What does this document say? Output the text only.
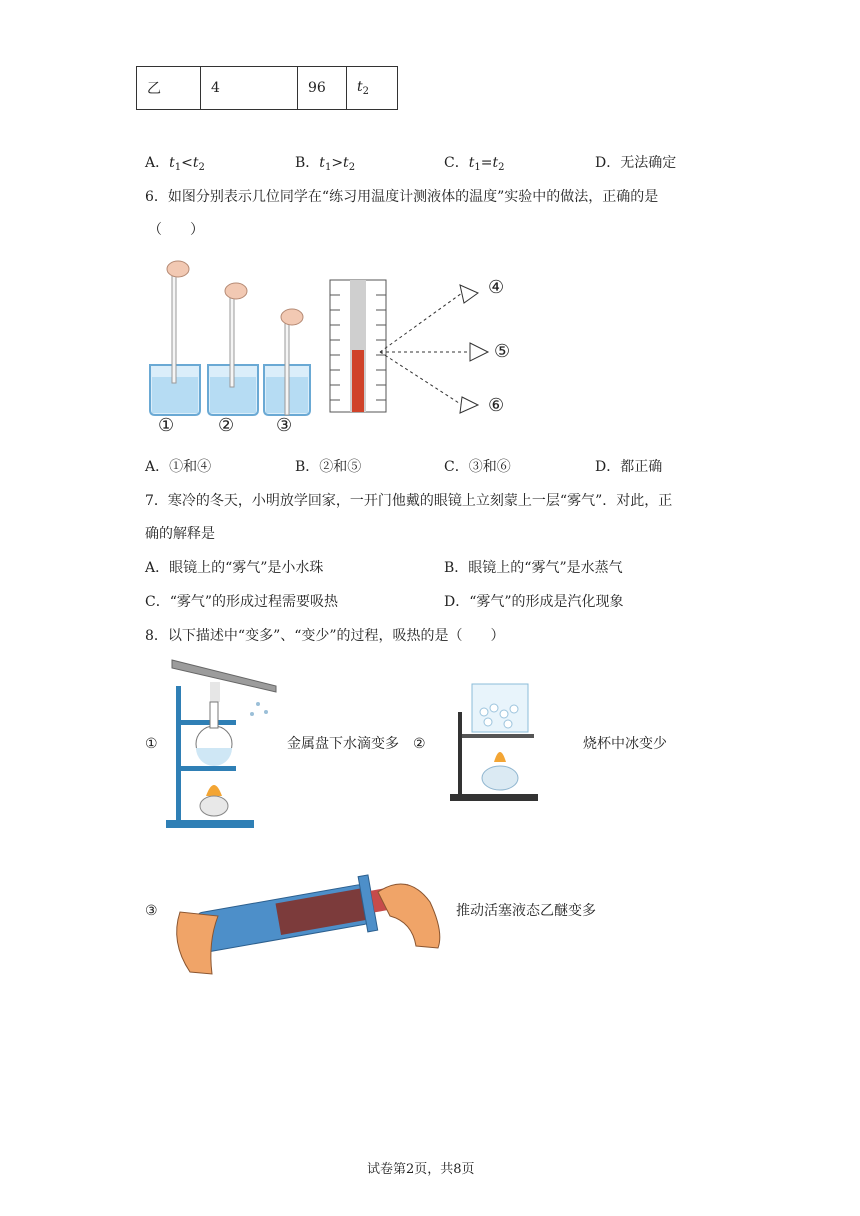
乙	4	96	$t_2$
A．$t_1<t_2$	B．$t_1>t_2$	C．$t_1=t_2$	D．无法确定
6．如图分别表示几位同学在“练习用温度计测液体的温度”实验中的做法，正确的是
（　　）
① ② ③
④
⑤
⑥
A．①和④	B．②和⑤	C．③和⑥	D．都正确
7．寒冷的冬天，小明放学回家，一开门他戴的眼镜上立刻蒙上一层“雾气”．对此，正
确的解释是
A．眼镜上的“雾气”是小水珠	B．眼镜上的“雾气”是水蒸气
C．“雾气”的形成过程需要吸热	D．“雾气”的形成是汽化现象
8．以下描述中“变多”、“变少”的过程，吸热的是（　　）
①	金属盘下水滴变多 ②	烧杯中冰变少
③	推动活塞液态乙醚变多
试卷第2页，共8页
